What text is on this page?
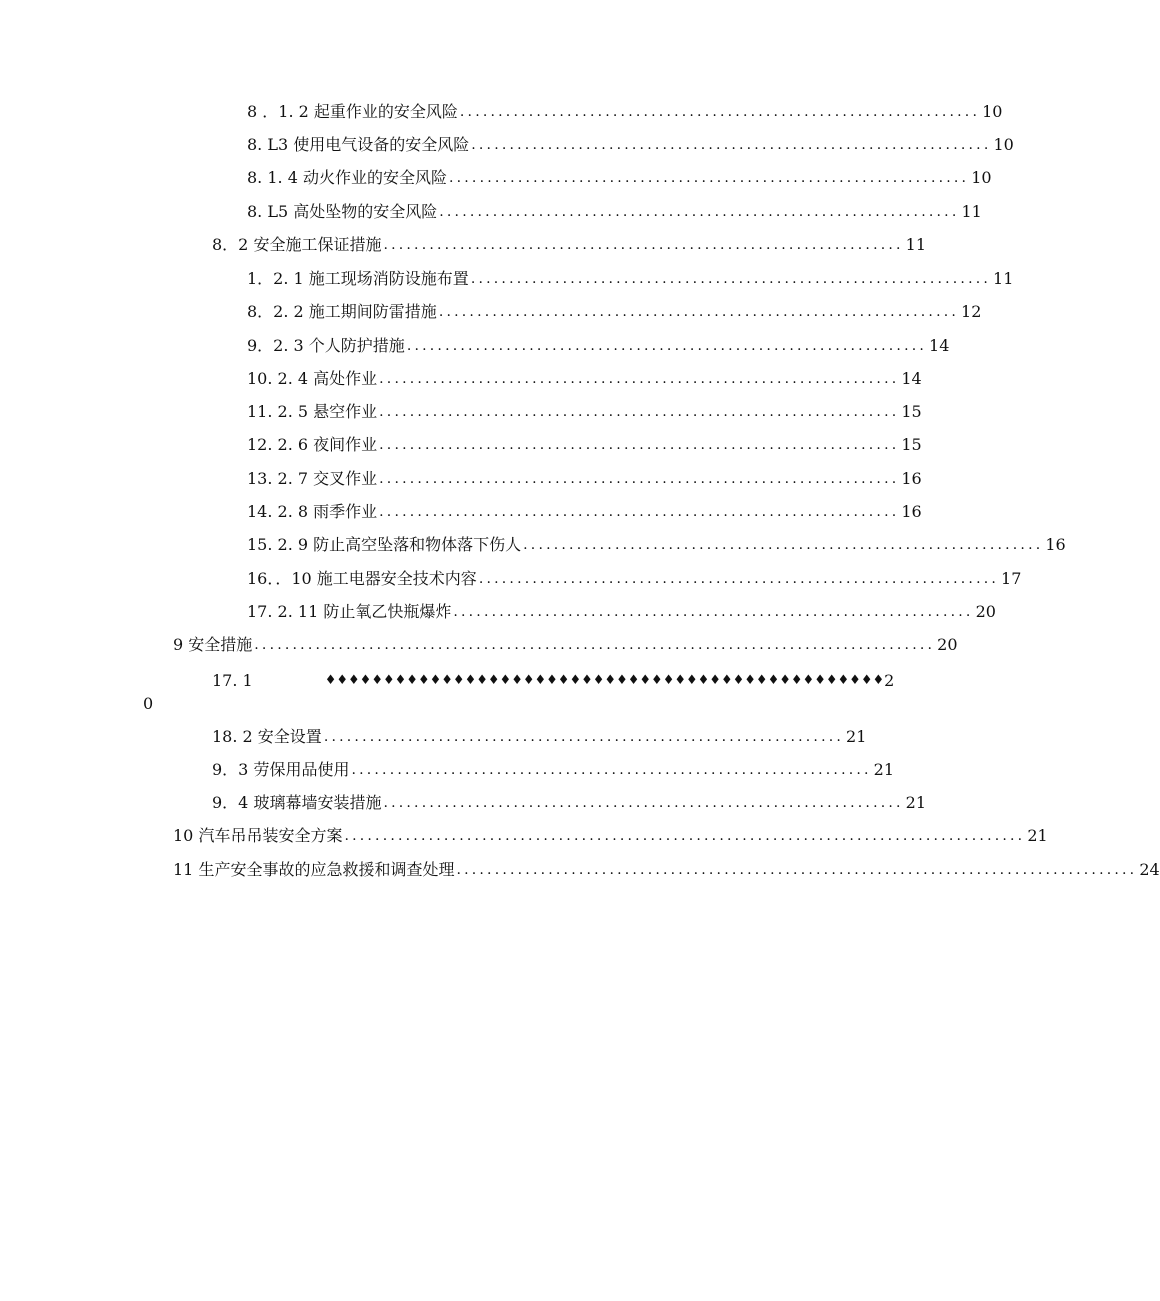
8 ．1. 2 起重作业的安全风险 .................................................................... 10
8. L3 使用电气设备的安全风险 .................................................................... 10
8. 1. 4 动火作业的安全风险 .................................................................... 10
8. L5 高处坠物的安全风险 .................................................................... 11
8．2 安全施工保证措施 .................................................................... 11
1．2. 1 施工现场消防设施布置 .................................................................... 11
8．2. 2 施工期间防雷措施 .................................................................... 12
9．2. 3 个人防护措施 .................................................................... 14
10. 2. 4 高处作业 .................................................................... 14
11. 2. 5 悬空作业 .................................................................... 15
12. 2. 6 夜间作业 .................................................................... 15
13. 2. 7 交叉作业 .................................................................... 16
14. 2. 8 雨季作业 .................................................................... 16
15. 2. 9 防止高空坠落和物体落下伤人 .................................................................... 16
16．．10 施工电器安全技术内容 .................................................................... 17
17. 2. 11 防止氧乙快瓶爆炸 .................................................................... 20
9 安全措施 ......................................................................................... 20
17. 1	♦♦♦♦♦♦♦♦♦♦♦♦♦♦♦♦♦♦♦♦♦♦♦♦♦♦♦♦♦♦♦♦♦♦♦♦♦♦♦♦♦♦♦♦♦♦♦♦ 2
0
18. 2 安全设置 .................................................................... 21
9．3 劳保用品使用 .................................................................... 21
9．4 玻璃幕墙安装措施 .................................................................... 21
10 汽车吊吊装安全方案 ......................................................................................... 21
11 生产安全事故的应急救援和调查处理 ......................................................................................... 24
